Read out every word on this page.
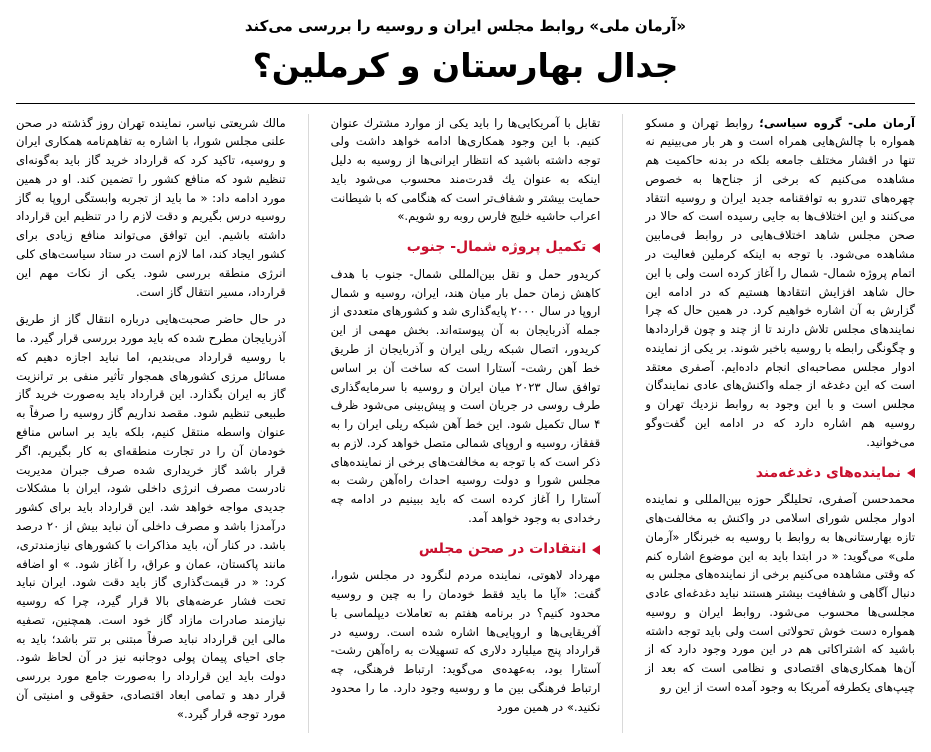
«آرمان ملی» روابط مجلس ایران و روسیه را بررسی می‌کند
جدال بهارستان و کرملین؟

آرمان ملی- گروه سیاسی؛ روابط تهران و مسكو همواره با چالش‌هایی همراه است و هر بار می‌بینیم نه تنها در اقشار مختلف جامعه بلكه در بدنه حاكمیت هم مشاهده می‌كنیم كه برخی از جناح‌ها به خصوص چهره‌های تندرو به توافقنامه جدید ایران و روسیه انتقاد می‌كنند و این اختلاف‌ها به جایی رسیده است كه حالا در صحن مجلس شاهد اختلاف‌هایی در روابط فی‌مابین مشاهده می‌شود. با توجه به اینكه كرملین فعالیت در اتمام پروژه شمال- شمال را آغاز كرده است ولی با این حال شاهد افزایش انتقادها هستیم كه در ادامه این گزارش به آن اشاره خواهیم كرد. در همین حال كه چرا نمایندها‌ی مجلس تلاش دارند تا از چند و چون قرارداد‌ها و چگونگی رابطه با روسیه باخبر شوند. بر یكی از نماینده ادوار مجلس مصاحبه‌ای انجام داده‌ایم. آصفری معتقد است كه این دغدغه از جمله واكنش‌های عادی نمایندگان مجلس است و با این وجود به روابط نزدیك تهران و روسیه هم اشاره دارد كه در ادامه این گفت‌وگو می‌خوانید.

نماینده‌های دغدغه‌مند

محمدحسن آصفری، تحلیلگر حوزه بین‌المللی و نماینده ادوار مجلس شورای اسلامی در واكنش به مخالفت‌های تازه بهارستانی‌ها به روابط با روسیه به خبرنگار «آرمان ملی» می‌گوید: « در ابتدا باید به این موضوع اشاره كنم كه وقتی مشاهده می‌كنیم برخی از نماینده‌های مجلس به دنبال آگاهی و شفافیت بیشتر هستند نباید دغدغه‌ای عادی مجلسی‌ها محسوب می‌شود. روابط ایران و روسیه همواره دست خوش تحولاتی است ولی باید توجه داشته باشید كه اشتراكاتی هم در این مورد وجود دارد كه از آن‌ها همكاری‌های اقتصادی و نظامی است كه بعد از چیپ‌های یكطرفه آمریكا به وجود آمده است از این رو

تقابل با آمریكایی‌ها را باید یكی از موارد مشترك عنوان كنیم. با این وجود همكاری‌ها ادامه خواهد داشت ولی توجه داشته باشید كه انتظار ایرانی‌ها از روسیه به دلیل اینكه به عنوان یك قدرت‌مند محسوب می‌شود باید حمایت بیشتر و شفاف‌تر است كه هنگامی كه با شیطانت اعراب حاشیه خلیج فارس روبه رو شویم.»

تكمیل پروژه شمال- جنوب

كریدور حمل و نقل بین‌المللی شمال- جنوب با هدف كاهش زمان حمل بار میان هند، ایران، روسیه و شمال اروپا در سال ۲۰۰۰ پایه‌گذاری شد و كشورهای متعددی از جمله آذربایجان به آن پیوسته‌اند. بخش مهمی از این كریدور، اتصال شبكه ریلی ایران و آذربایجان از طریق خط آهن رشت- آستارا است كه ساخت آن بر اساس توافق سال ۲۰۲۳ میان ایران و روسیه با سرمایه‌گذاری طرف روسی در جریان است و پیش‌بینی می‌شود ظرف ۴ سال تكمیل شود. این خط آهن شبكه ریلی ایران را به قفقاز، روسیه و اروپای شمالی متصل خواهد كرد. لازم به ذكر است كه با توجه به مخالفت‌های برخی از نماینده‌های مجلس شورا و دولت روسیه احداث راه‌آهن رشت به آستارا را آغاز كرده است كه باید ببینیم در ادامه چه رخدادی به وجود خواهد آمد.

انتقادات در صحن مجلس

مهرداد لاهوتی، نماینده مردم لنگرود در مجلس شورا، گفت: «آیا ما باید فقط خودمان را به چین و روسیه محدود كنیم؟ در برنامه هفتم به تعاملات دیپلماسی با آفریقایی‌ها و اروپایی‌ها اشاره شده است. روسیه در قرارداد پنج میلیارد دلاری كه تسهیلات به راه‌آهن رشت- آستارا بود، به‌عهده‌ی می‌گوید: ارتباط فرهنگی، چه ارتباط فرهنگی بین ما و روسیه وجود دارد. ما را محدود نكنید.» در همین مورد

مالك شریعتی نیاسر، نماینده تهران روز گذشته در صحن علنی مجلس شورا، با اشاره به تفاهم‌نامه همكاری ایران و روسیه، تاكید كرد كه قرارداد خرید گاز باید به‌گونه‌ای تنظیم شود كه منافع كشور را تضمین كند. او در همین مورد ادامه داد: « ما باید از تجربه وابستگی اروپا به گاز روسیه درس بگیریم و دقت لازم را در تنظیم این قرارداد داشته باشیم. این توافق می‌تواند منافع زیادی برای كشور ایجاد كند، اما لازم است در ستاد سیاست‌های كلی انرژی منطقه بررسی شود. یكی از نكات مهم این قرارداد، مسیر انتقال گاز است.

در حال حاضر صحبت‌هایی درباره انتقال گاز از طریق آذربایجان مطرح شده كه باید مورد بررسی قرار گیرد. ما با روسیه قرارداد می‌بندیم، اما نباید اجازه دهیم كه مسائل مرزی كشورهای همجوار تأثیر منفی بر ترانزیت گاز به ایران بگذارد. این قرارداد باید به‌صورت خرید گاز طبیعی تنظیم شود. مقصد نداریم گاز روسیه را صرفاً به عنوان واسطه منتقل كنیم، بلكه باید بر اساس منافع خودمان آن را در تجارت منطقه‌ای به كار بگیریم. اگر قرار باشد گاز خریداری شده صرف جبران مدیریت نادرست مصرف انرژی داخلی شود، ایران با مشكلات جدیدی مواجه خواهد شد. این قرارداد باید برای كشور درآمدزا باشد و مصرف داخلی آن نباید بیش از ۲۰ درصد باشد. در كنار آن، باید مذاكرات با كشورهای نیازمندتر‌ی، مانند پاكستان، عمان و عراق، را آغاز شود. » او اضافه كرد: « در قیمت‌گذاری گاز باید دقت شود. ایران نباید تحت فشار عرضه‌های بالا قرار گیرد، چرا كه روسیه نیازمند صادرات مازاد گاز خود است. همچنین، تصفیه مالی این قرارداد نباید صرفاً مبتنی بر تتر باشد؛ باید به جای احیای پیمان پولی دوجانبه نیز در آن لحاظ شود. دولت باید این قرارداد را به‌صورت جامع مورد بررسی قرار دهد و تمامی ابعاد اقتصادی، حقوقی و امنیتی آن مورد توجه قرار گیرد.»
